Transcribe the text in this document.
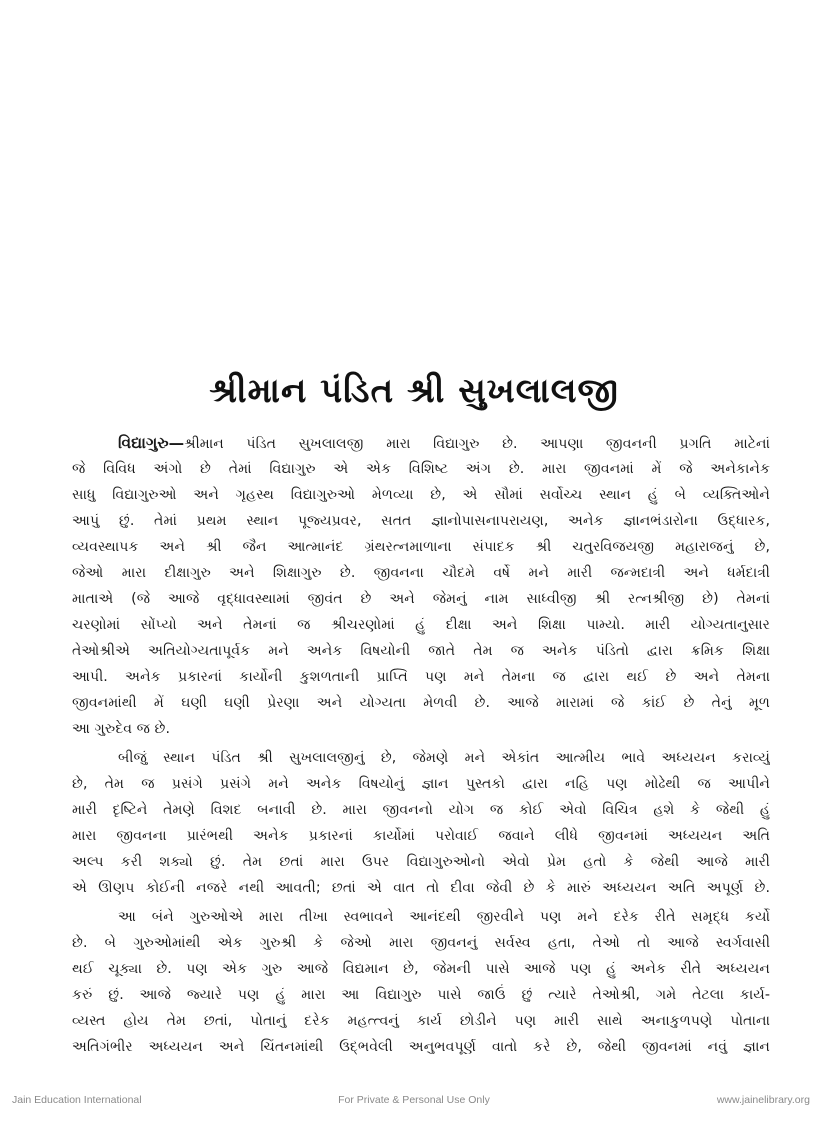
શ્રીમાન પંડિત શ્રી સુખલાલજી

વિદ્યાગુરુ—શ્રીમાન પંડિત સુખલાલજી મારા વિદ્યાગુરુ છે. આપણા જીવનની પ્રગતિ માટેનાં
જે વિવિધ અંગો છે તેમાં વિદ્યાગુરુ એ એક વિશિષ્ટ અંગ છે. મારા જીવનમાં મેં જે અનેકાનેક
સાધુ વિદ્યાગુરુઓ અને ગૃહસ્થ વિદ્યાગુરુઓ મેળવ્યા છે, એ સૌમાં સર્વોચ્ચ સ્થાન હું બે વ્યક્તિઓને
આપું છું. તેમાં પ્રથમ સ્થાન પૂજ્યપ્રવર, સતત જ્ઞાનોપાસનાપરાયણ, અનેક જ્ઞાનભંડારોના ઉદ્ધારક,
વ્યવસ્થાપક અને શ્રી જૈન આત્માનંદ ગ્રંથરત્નમાળાના સંપાદક શ્રી ચતુરવિજયજી મહારાજનું છે,
જેઓ મારા દીક્ષાગુરુ અને શિક્ષાગુરુ છે. જીવનના ચૌદમે વર્ષે મને મારી જન્મદાત્રી અને ધર્મદાત્રી
માતાએ (જે આજે વૃદ્ધાવસ્થામાં જીવંત છે અને જેમનું નામ સાધ્વીજી શ્રી રત્નશ્રીજી છે) તેમનાં
ચરણોમાં સોંપ્યો અને તેમનાં જ શ્રીચરણોમાં હું દીક્ષા અને શિક્ષા પામ્યો. મારી યોગ્યતાનુસાર
તેઓશ્રીએ અતિયોગ્યતાપૂર્વક મને અનેક વિષયોની જાતે તેમ જ અનેક પંડિતો દ્વારા ક્રમિક શિક્ષા
આપી. અનેક પ્રકારનાં કાર્યોની કુશળતાની પ્રાપ્તિ પણ મને તેમના જ દ્વારા થઈ છે અને તેમના
જીવનમાંથી મેં ઘણી ઘણી પ્રેરણા અને યોગ્યતા મેળવી છે. આજે મારામાં જે કાંઈ છે તેનું મૂળ
આ ગુરુદેવ જ છે.

બીજું સ્થાન પંડિત શ્રી સુખલાલજીનું છે, જેમણે મને એકાંત આત્મીય ભાવે અધ્યયન કરાવ્યું
છે, તેમ જ પ્રસંગે પ્રસંગે મને અનેક વિષયોનું જ્ઞાન પુસ્તકો દ્વારા નહિ પણ મોઢેથી જ આપીને
મારી દૃષ્ટિને તેમણે વિશદ બનાવી છે. મારા જીવનનો યોગ જ કોઈ એવો વિચિત્ર હશે કે જેથી હું
મારા જીવનના પ્રારંભથી અનેક પ્રકારનાં કાર્યોમાં પરોવાઈ જવાને લીધે જીવનમાં અધ્યયન અતિ
અલ્પ કરી શક્યો છું. તેમ છતાં મારા ઉપર વિદ્યાગુરુઓનો એવો પ્રેમ હતો કે જેથી આજે મારી
એ ઊણપ કોઈની નજરે નથી આવતી; છતાં એ વાત તો દીવા જેવી છે કે મારું અધ્યયન અતિ અપૂર્ણ છે.

આ બંને ગુરુઓએ મારા તીખા સ્વભાવને આનંદથી જીરવીને પણ મને દરેક રીતે સમૃદ્ધ કર્યો
છે. બે ગુરુઓમાંથી એક ગુરુશ્રી કે જેઓ મારા જીવનનું સર્વસ્વ હતા, તેઓ તો આજે સ્વર્ગવાસી
થઈ ચૂક્યા છે. પણ એક ગુરુ આજે વિદ્યમાન છે, જેમની પાસે આજે પણ હું અનેક રીતે અધ્યયન
કરું છું. આજે જ્યારે પણ હું મારા આ વિદ્યાગુરુ પાસે જાઉં છું ત્યારે તેઓશ્રી, ગમે તેટલા કાર્ય-
વ્યસ્ત હોય તેમ છતાં, પોતાનું દરેક મહત્ત્વનું કાર્ય છોડીને પણ મારી સાથે અનાકુળપણે પોતાના
અતિગંભીર અધ્યયન અને ચિંતનમાંથી ઉદ્ભવેલી અનુભવપૂર્ણ વાતો કરે છે, જેથી જીવનમાં નવું જ્ઞાન

Jain Education International	For Private & Personal Use Only	www.jainelibrary.org
